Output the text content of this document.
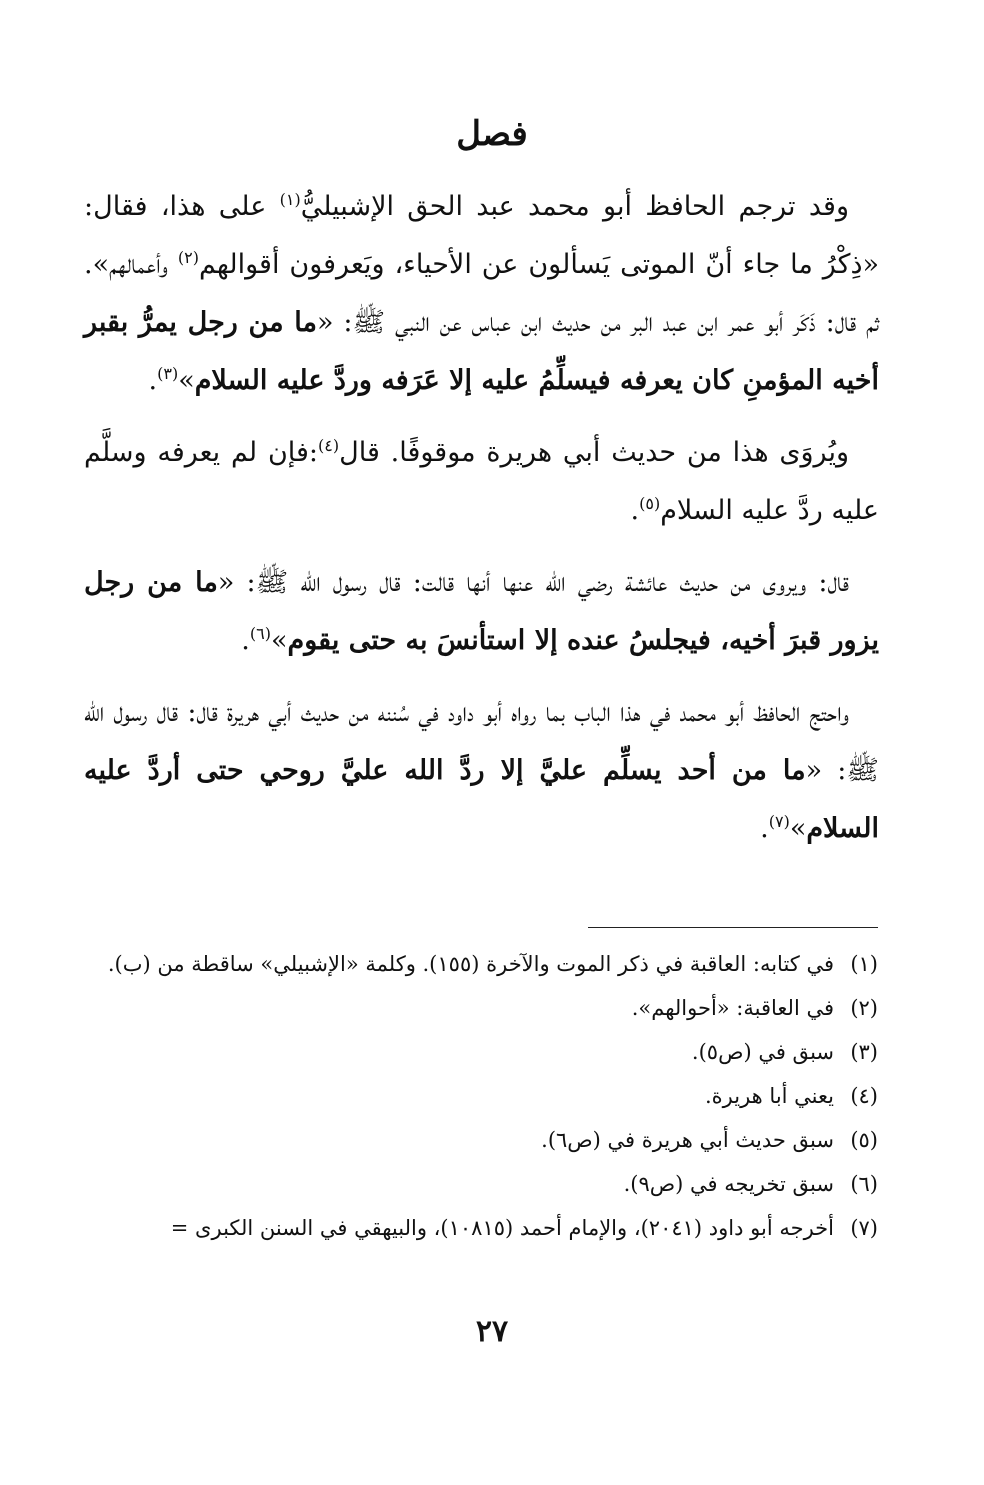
فصل

وقد ترجم الحافظ أبو محمد عبد الحق الإشبيليُّ$^{(١)}$ على هذا، فقال: «ذِكْرُ ما جاء أنّ الموتى يَسألون عن الأحياء، ويَعرفون أقوالهم$^{(٢)}$ وأعمالهم». ثم قال: ذَكَر أبو عمر ابن عبد البر من حديث ابن عباس عن النبي ﷺ: «ما من رجل يمرُّ بقبر أخيه المؤمنِ كان يعرفه فيسلِّمُ عليه إلا عَرَفه وردَّ عليه السلام»$^{(٣)}$.

ويُروَى هذا من حديث أبي هريرة موقوفًا. قال$^{(٤)}$:فإن لم يعرفه وسلَّم عليه ردَّ عليه السلام$^{(٥)}$.

قال: ويروى من حديث عائشة رضي الله عنها أنها قالت: قال رسول الله ﷺ: «ما من رجل يزور قبرَ أخيه، فيجلسُ عنده إلا استأنسَ به حتى يقوم»$^{(٦)}$.

واحتج الحافظ أبو محمد في هذا الباب بما رواه أبو داود في سُننه من حديث أبي هريرة قال: قال رسول الله ﷺ: «ما من أحد يسلِّم عليَّ إلا ردَّ الله عليَّ روحي حتى أردَّ عليه السلام»$^{(٧)}$.

(١)
في كتابه: العاقبة في ذكر الموت والآخرة (١٥٥). وكلمة «الإشبيلي» ساقطة من (ب).
(٢)
في العاقبة: «أحوالهم».
(٣)
سبق في (ص٥).
(٤)
يعني أبا هريرة.
(٥)
سبق حديث أبي هريرة في (ص٦).
(٦)
سبق تخريجه في (ص٩).
(٧)
أخرجه أبو داود (٢٠٤١)، والإمام أحمد (١٠٨١٥)، والبيهقي في السنن الكبرى =
٢٧
